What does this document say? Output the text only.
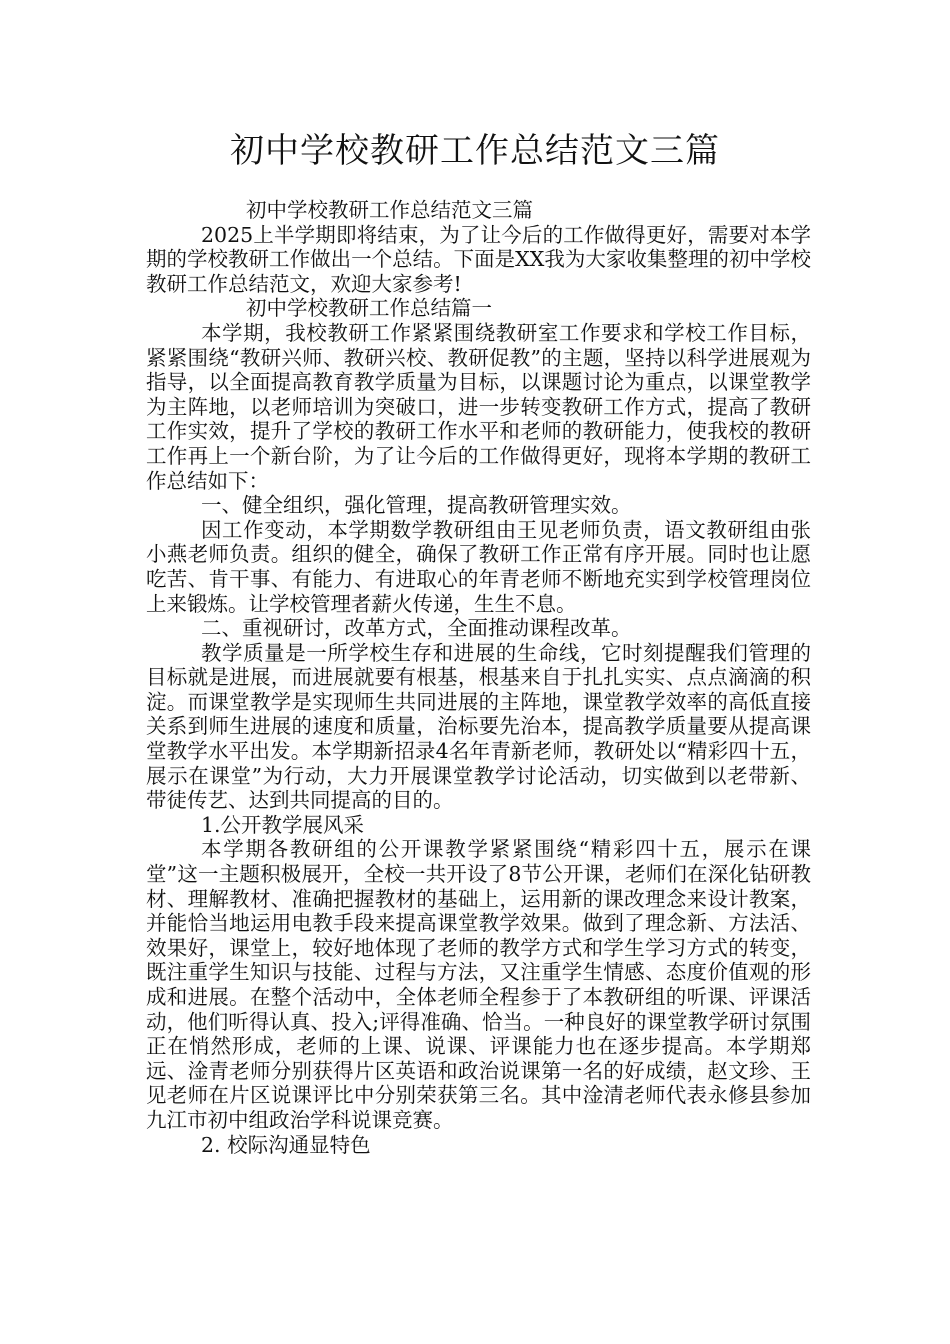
初中学校教研工作总结范文三篇

初中学校教研工作总结范文三篇

2025上半学期即将结束，为了让今后的工作做得更好，需要对本学期的学校教研工作做出一个总结。下面是XX我为大家收集整理的初中学校教研工作总结范文，欢迎大家参考!

初中学校教研工作总结篇一

本学期，我校教研工作紧紧围绕教研室工作要求和学校工作目标，紧紧围绕“教研兴师、教研兴校、教研促教”的主题，坚持以科学进展观为指导，以全面提高教育教学质量为目标，以课题讨论为重点，以课堂教学为主阵地，以老师培训为突破口，进一步转变教研工作方式，提高了教研工作实效，提升了学校的教研工作水平和老师的教研能力，使我校的教研工作再上一个新台阶，为了让今后的工作做得更好，现将本学期的教研工作总结如下：

一、健全组织，强化管理，提高教研管理实效。

因工作变动，本学期数学教研组由王见老师负责，语文教研组由张小燕老师负责。组织的健全，确保了教研工作正常有序开展。同时也让愿吃苦、肯干事、有能力、有进取心的年青老师不断地充实到学校管理岗位上来锻炼。让学校管理者薪火传递，生生不息。

二、重视研讨，改革方式，全面推动课程改革。

教学质量是一所学校生存和进展的生命线，它时刻提醒我们管理的目标就是进展，而进展就要有根基，根基来自于扎扎实实、点点滴滴的积淀。而课堂教学是实现师生共同进展的主阵地，课堂教学效率的高低直接关系到师生进展的速度和质量，治标要先治本，提高教学质量要从提高课堂教学水平出发。本学期新招录4名年青新老师，教研处以“精彩四十五，展示在课堂”为行动，大力开展课堂教学讨论活动，切实做到以老带新、带徒传艺、达到共同提高的目的。

1.公开教学展风采

本学期各教研组的公开课教学紧紧围绕“精彩四十五，展示在课堂”这一主题积极展开，全校一共开设了8节公开课，老师们在深化钻研教材、理解教材、准确把握教材的基础上，运用新的课改理念来设计教案，并能恰当地运用电教手段来提高课堂教学效果。做到了理念新、方法活、效果好，课堂上，较好地体现了老师的教学方式和学生学习方式的转变，既注重学生知识与技能、过程与方法，又注重学生情感、态度价值观的形成和进展。在整个活动中，全体老师全程参于了本教研组的听课、评课活动，他们听得认真、投入;评得准确、恰当。一种良好的课堂教学研讨氛围正在悄然形成，老师的上课、说课、评课能力也在逐步提高。本学期郑远、淦青老师分别获得片区英语和政治说课第一名的好成绩，赵文珍、王见老师在片区说课评比中分别荣获第三名。其中淦清老师代表永修县参加九江市初中组政治学科说课竞赛。

2. 校际沟通显特色
